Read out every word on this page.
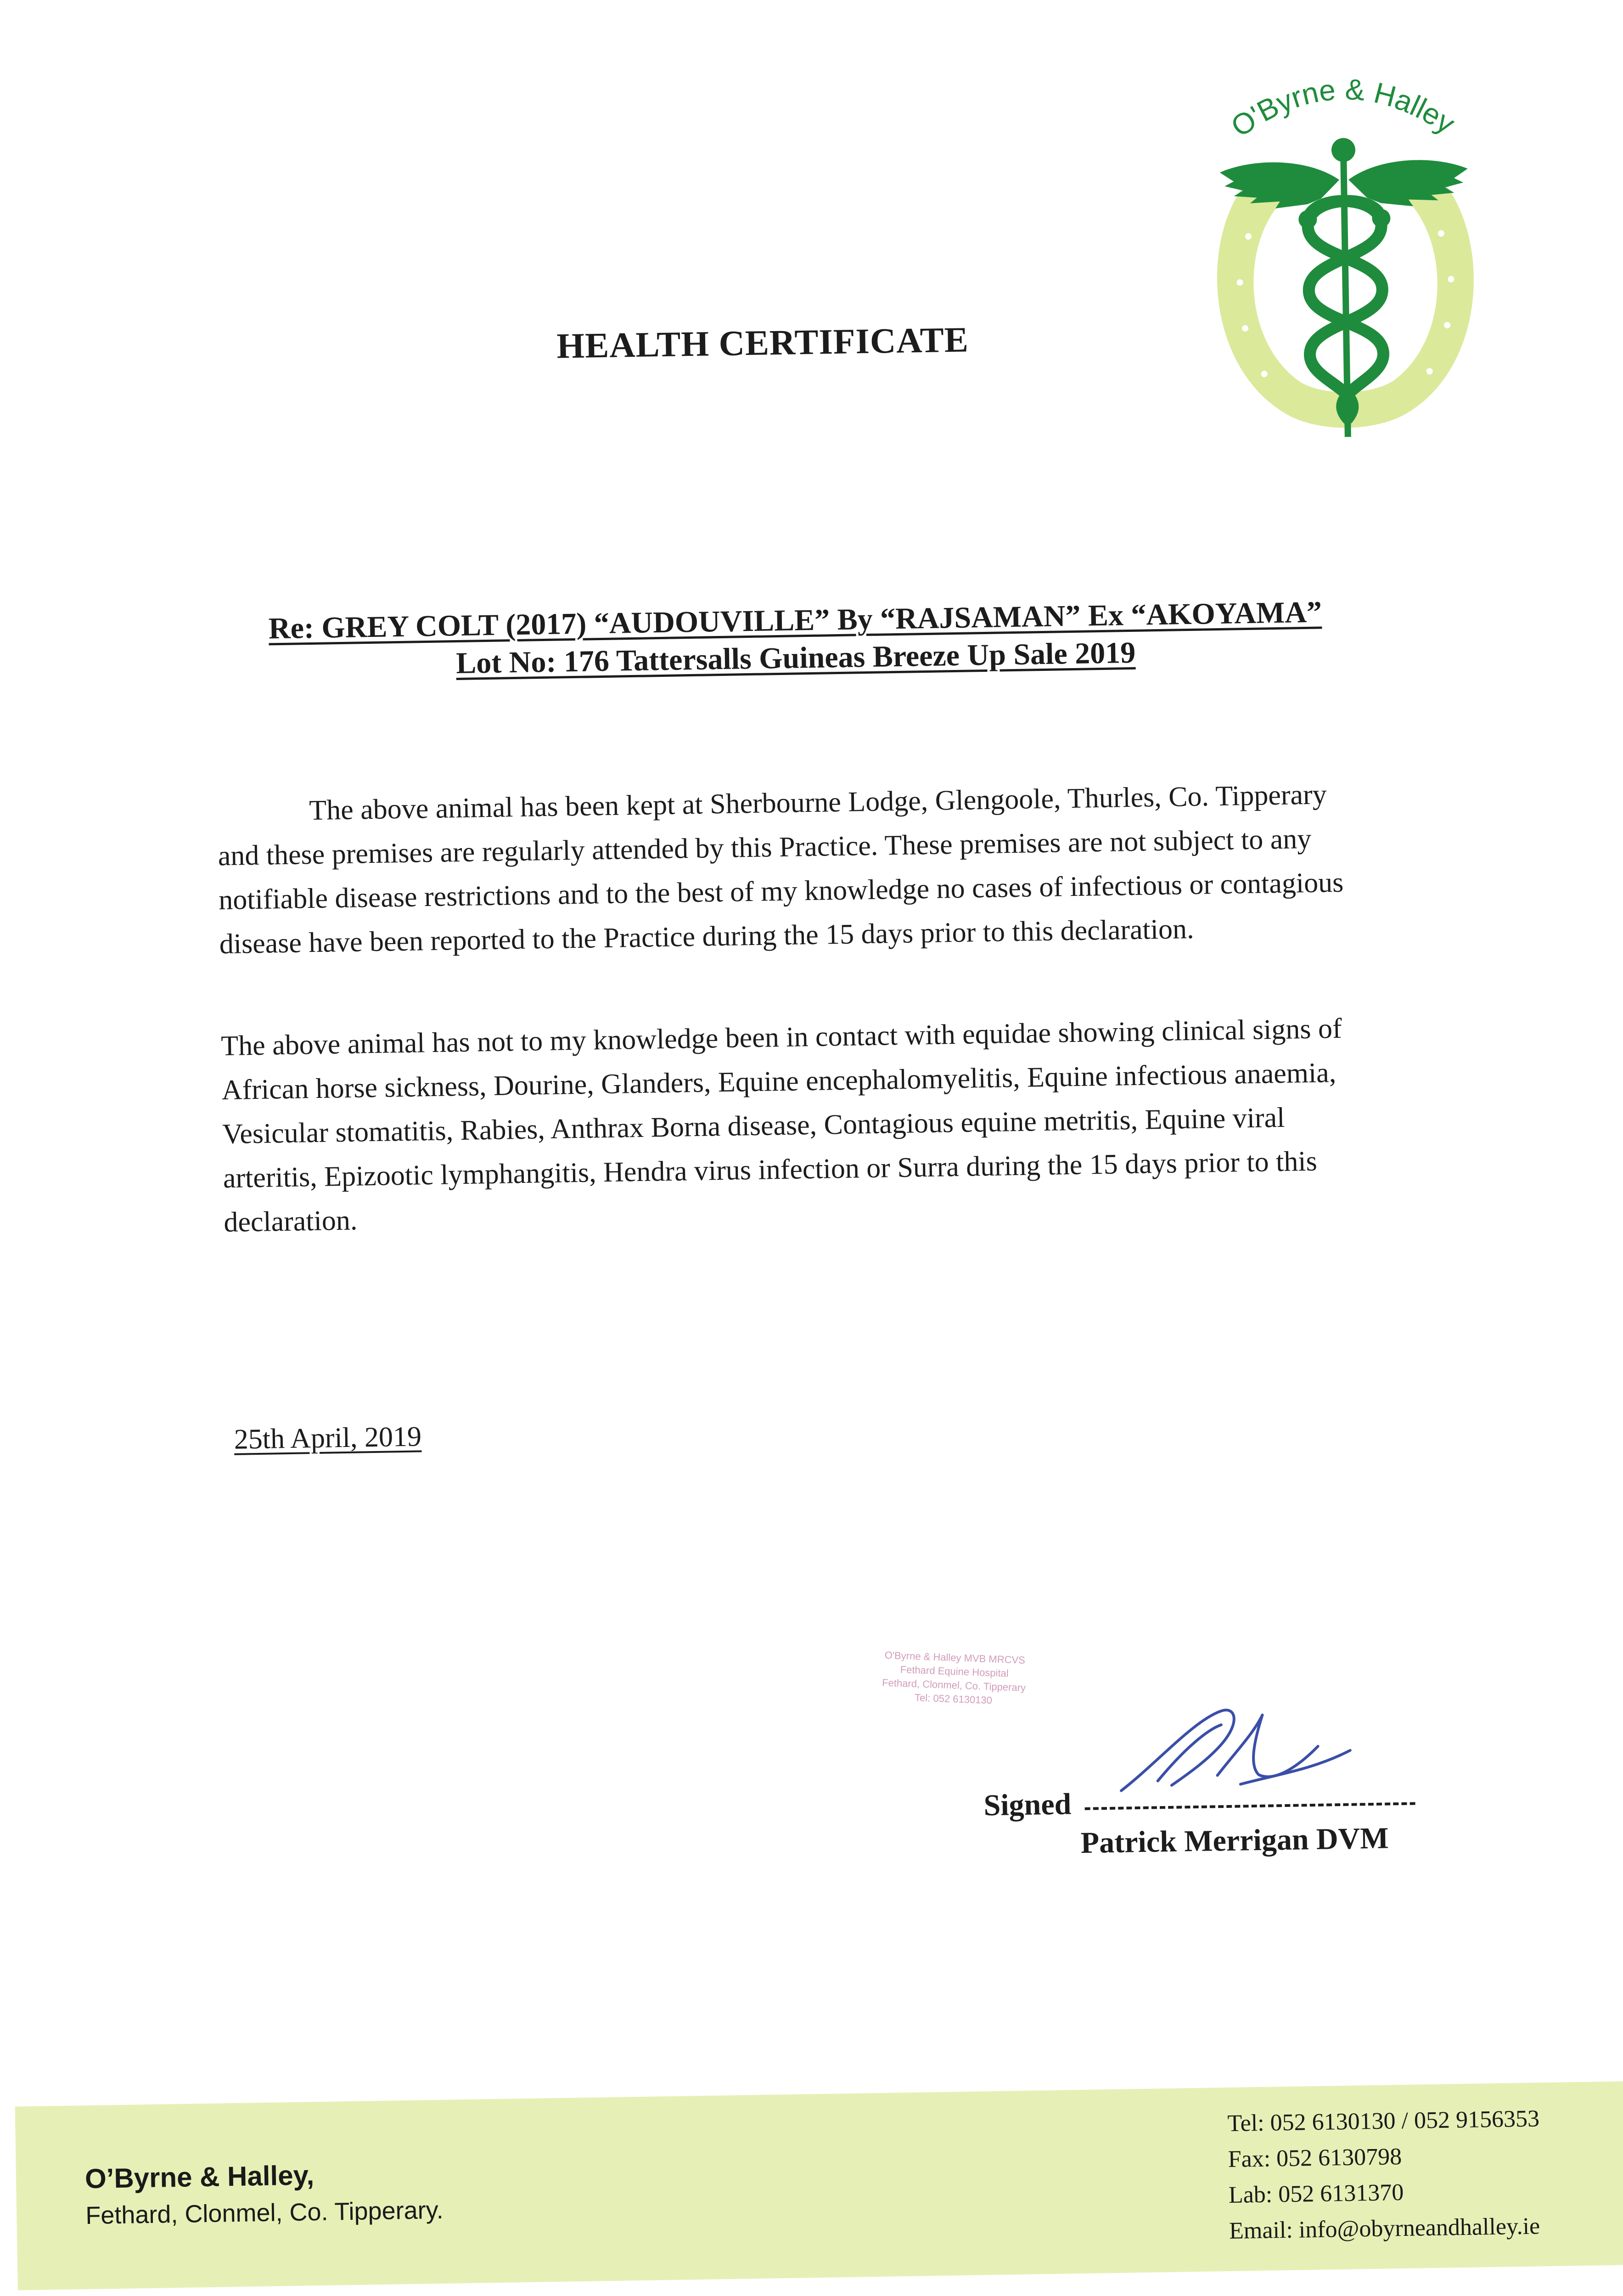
O'Byrne & Halley
HEALTH CERTIFICATE
Re: GREY COLT (2017) “AUDOUVILLE” By “RAJSAMAN” Ex “AKOYAMA”
Lot No: 176 Tattersalls Guineas Breeze Up Sale 2019
The above animal has been kept at Sherbourne Lodge, Glengoole, Thurles, Co. Tipperary and these premises are regularly attended by this Practice. These premises are not subject to any notifiable disease restrictions and to the best of my knowledge no cases of infectious or contagious disease have been reported to the Practice during the 15 days prior to this declaration.
The above animal has not to my knowledge been in contact with equidae showing clinical signs of African horse sickness, Dourine, Glanders, Equine encephalomyelitis, Equine infectious anaemia, Vesicular stomatitis, Rabies, Anthrax Borna disease, Contagious equine metritis, Equine viral arteritis, Epizootic lymphangitis, Hendra virus infection or Surra during the 15 days prior to this declaration.
25th April, 2019
O'Byrne & Halley MVB MRCVS
Fethard Equine Hospital
Fethard, Clonmel, Co. Tipperary
Tel: 052 6130130
Signed
Patrick Merrigan DVM
O’Byrne & Halley,
Fethard, Clonmel, Co. Tipperary.
Tel: 052 6130130 / 052 9156353
Fax: 052 6130798
Lab: 052 6131370
Email: info@obyrneandhalley.ie
